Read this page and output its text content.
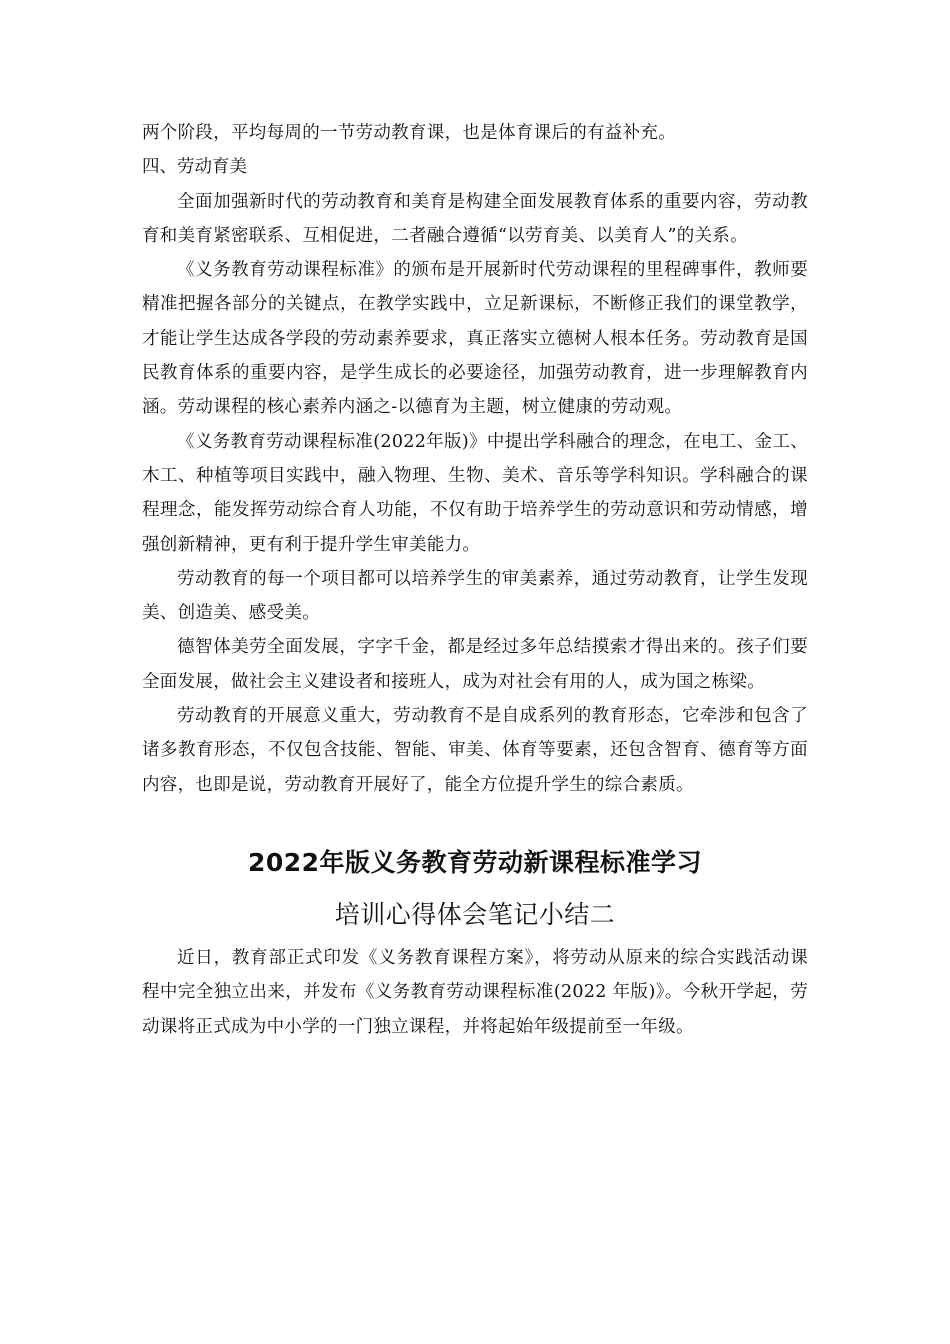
两个阶段，平均每周的一节劳动教育课，也是体育课后的有益补充。

四、劳动育美

全面加强新时代的劳动教育和美育是构建全面发展教育体系的重要内容，劳动教育和美育紧密联系、互相促进，二者融合遵循“以劳育美、以美育人”的关系。

《义务教育劳动课程标准》的颁布是开展新时代劳动课程的里程碑事件，教师要精准把握各部分的关键点，在教学实践中，立足新课标，不断修正我们的课堂教学，才能让学生达成各学段的劳动素养要求，真正落实立德树人根本任务。劳动教育是国民教育体系的重要内容，是学生成长的必要途径，加强劳动教育，进一步理解教育内涵。劳动课程的核心素养内涵之-以德育为主题，树立健康的劳动观。

《义务教育劳动课程标准(2022年版)》中提出学科融合的理念，在电工、金工、木工、种植等项目实践中，融入物理、生物、美术、音乐等学科知识。学科融合的课程理念，能发挥劳动综合育人功能，不仅有助于培养学生的劳动意识和劳动情感，增强创新精神，更有利于提升学生审美能力。

劳动教育的每一个项目都可以培养学生的审美素养，通过劳动教育，让学生发现美、创造美、感受美。

德智体美劳全面发展，字字千金，都是经过多年总结摸索才得出来的。孩子们要全面发展，做社会主义建设者和接班人，成为对社会有用的人，成为国之栋梁。

劳动教育的开展意义重大，劳动教育不是自成系列的教育形态，它牵涉和包含了诸多教育形态，不仅包含技能、智能、审美、体育等要素，还包含智育、德育等方面内容，也即是说，劳动教育开展好了，能全方位提升学生的综合素质。

2022年版义务教育劳动新课程标准学习

培训心得体会笔记小结二

近日，教育部正式印发《义务教育课程方案》，将劳动从原来的综合实践活动课程中完全独立出来，并发布《义务教育劳动课程标准(2022 年版)》。今秋开学起，劳动课将正式成为中小学的一门独立课程，并将起始年级提前至一年级。
